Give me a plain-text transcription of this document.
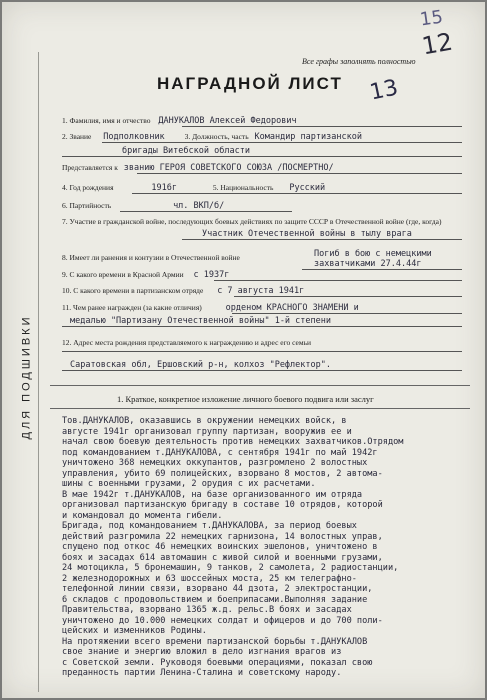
15
12
13
Все графы заполнять полностью
НАГРАДНОЙ ЛИСТ
ДЛЯ ПОДШИВКИ
1. Фамилия, имя и отчество ДАНУКАЛОВ Алексей Федорович
2. Звание Подполковник	3. Должность, часть Командир партизанской
бригады Витебской области
Представляется к званию ГЕРОЯ СОВЕТСКОГО СОЮЗА /ПОСМЕРТНО/
4. Год рождения	1916г	5. Национальность Русский
6. Партийность	чл. ВКП/б/
7. Участие в гражданской войне, последующих боевых действиях по защите СССР в Отечественной войне (где, когда)
Участник Отечественной войны в тылу врага
8. Имеет ли ранения и контузии в Отечественной войне	Погиб в бою с немецкими захватчиками 27.4.44г
9. С какого времени в Красной Армии с 1937г
10. С какого времени в партизанском отряде с 7 августа 1941г
11. Чем ранее награжден (за какие отличия)	орденом КРАСНОГО ЗНАМЕНИ и
медалью "Партизану Отечественной войны" 1-й степени
12. Адрес места рождения представляемого к награждению и адрес его семьи
Саратовская обл, Ершовский р-н, колхоз "Рефлектор".
1. Краткое, конкретное изложение личного боевого подвига или заслуг

Тов.ДАНУКАЛОВ, оказавшись в окружении немецких войск, в

августе 1941г организовал группу партизан, вооружив ее и

начал свою боевую деятельность против немецких захватчиков.Отрядом

под командованием т.ДАНУКАЛОВА, с сентября 1941г по май 1942г

уничтожено 368 немецких оккупантов, разгромлено 2 волостных

управления, убито 69 полицейских, взорвано 8 мостов, 2 автома-

шины с военными грузами, 2 орудия с их расчетами.

В мае 1942г т.ДАНУКАЛОВ, на базе организованного им отряда

организовал партизанскую бригаду в составе 10 отрядов, которой

и командовал до момента гибели.

Бригада, под командованием т.ДАНУКАЛОВА, за период боевых

действий разгромила 22 немецких гарнизона, 14 волостных управ,

спущено под откос 46 немецких воинских эшелонов, уничтожено в

боях и засадах 614 автомашин с живой силой и военными грузами,

24 мотоцикла, 5 бронемашин, 9 танков, 2 самолета, 2 радиостанции,

2 железнодорожных и 63 шоссейных моста, 25 км телеграфно-

телефонной линии связи, взорвано 44 дзота, 2 электростанции,

6 складов с продовольствием и боеприпасами.Выполняя задание

Правительства, взорвано 1365 ж.д. рельс.В боях и засадах

уничтожено до 10.000 немецких солдат и офицеров и до 700 поли-

цейских и изменников Родины.

На протяжении всего времени партизанской борьбы т.ДАНУКАЛОВ

свое знание и энергию вложил в дело изгнания врагов из

с Советской земли. Руководя боевыми операциями, показал свою

преданность партии Ленина-Сталина и советскому народу.
